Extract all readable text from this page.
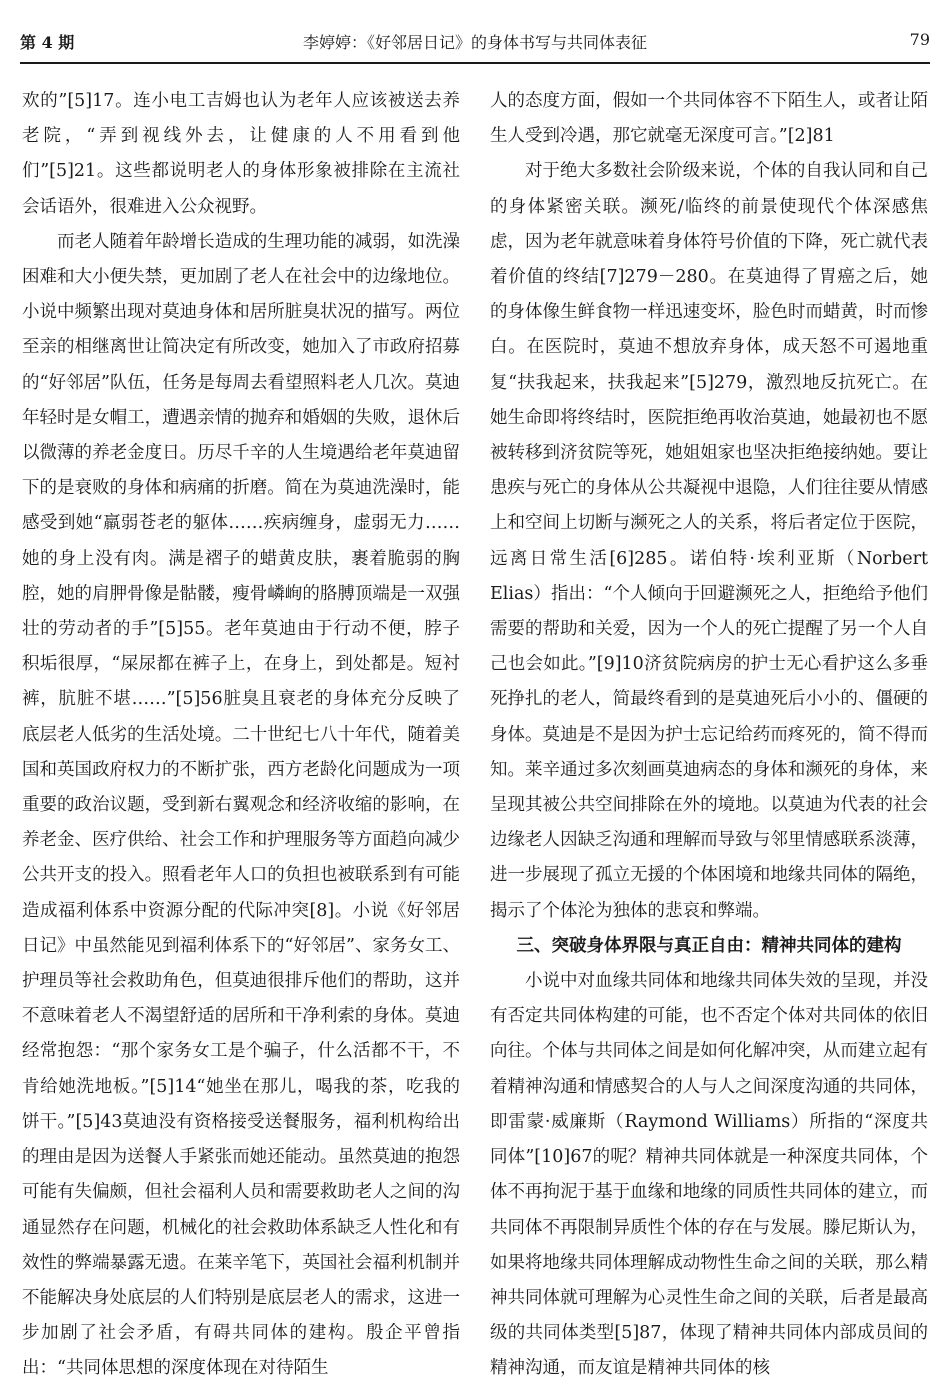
第 4 期	李婷婷：《好邻居日记》的身体书写与共同体表征	79

欢的”[5]17。连小电工吉姆也认为老年人应该被送去养老院，“弄到视线外去，让健康的人不用看到他们”[5]21。这些都说明老人的身体形象被排除在主流社会话语外，很难进入公众视野。

而老人随着年龄增长造成的生理功能的减弱，如洗澡困难和大小便失禁，更加剧了老人在社会中的边缘地位。小说中频繁出现对莫迪身体和居所脏臭状况的描写。两位至亲的相继离世让简决定有所改变，她加入了市政府招募的“好邻居”队伍，任务是每周去看望照料老人几次。莫迪年轻时是女帽工，遭遇亲情的抛弃和婚姻的失败，退休后以微薄的养老金度日。历尽千辛的人生境遇给老年莫迪留下的是衰败的身体和病痛的折磨。简在为莫迪洗澡时，能感受到她“羸弱苍老的躯体……疾病缠身，虚弱无力……她的身上没有肉。满是褶子的蜡黄皮肤，裹着脆弱的胸腔，她的肩胛骨像是骷髅，瘦骨嶙峋的胳膊顶端是一双强壮的劳动者的手”[5]55。老年莫迪由于行动不便，脖子积垢很厚，“屎尿都在裤子上，在身上，到处都是。短衬裤，肮脏不堪……”[5]56脏臭且衰老的身体充分反映了底层老人低劣的生活处境。二十世纪七八十年代，随着美国和英国政府权力的不断扩张，西方老龄化问题成为一项重要的政治议题，受到新右翼观念和经济收缩的影响，在养老金、医疗供给、社会工作和护理服务等方面趋向减少公共开支的投入。照看老年人口的负担也被联系到有可能造成福利体系中资源分配的代际冲突[8]。小说《好邻居日记》中虽然能见到福利体系下的“好邻居”、家务女工、护理员等社会救助角色，但莫迪很排斥他们的帮助，这并不意味着老人不渴望舒适的居所和干净利索的身体。莫迪经常抱怨：“那个家务女工是个骗子，什么活都不干，不肯给她洗地板。”[5]14“她坐在那儿，喝我的茶，吃我的饼干。”[5]43莫迪没有资格接受送餐服务，福利机构给出的理由是因为送餐人手紧张而她还能动。虽然莫迪的抱怨可能有失偏颇，但社会福利人员和需要救助老人之间的沟通显然存在问题，机械化的社会救助体系缺乏人性化和有效性的弊端暴露无遗。在莱辛笔下，英国社会福利机制并不能解决身处底层的人们特别是底层老人的需求，这进一步加剧了社会矛盾，有碍共同体的建构。殷企平曾指出：“共同体思想的深度体现在对待陌生

人的态度方面，假如一个共同体容不下陌生人，或者让陌生人受到冷遇，那它就毫无深度可言。”[2]81

对于绝大多数社会阶级来说，个体的自我认同和自己的身体紧密关联。濒死/临终的前景使现代个体深感焦虑，因为老年就意味着身体符号价值的下降，死亡就代表着价值的终结[7]279－280。在莫迪得了胃癌之后，她的身体像生鲜食物一样迅速变坏，脸色时而蜡黄，时而惨白。在医院时，莫迪不想放弃身体，成天怒不可遏地重复“扶我起来，扶我起来”[5]279，激烈地反抗死亡。在她生命即将终结时，医院拒绝再收治莫迪，她最初也不愿被转移到济贫院等死，她姐姐家也坚决拒绝接纳她。要让患疾与死亡的身体从公共凝视中退隐，人们往往要从情感上和空间上切断与濒死之人的关系，将后者定位于医院，远离日常生活[6]285。诺伯特·埃利亚斯（Norbert Elias）指出：“个人倾向于回避濒死之人，拒绝给予他们需要的帮助和关爱，因为一个人的死亡提醒了另一个人自己也会如此。”[9]10济贫院病房的护士无心看护这么多垂死挣扎的老人，简最终看到的是莫迪死后小小的、僵硬的身体。莫迪是不是因为护士忘记给药而疼死的，简不得而知。莱辛通过多次刻画莫迪病态的身体和濒死的身体，来呈现其被公共空间排除在外的境地。以莫迪为代表的社会边缘老人因缺乏沟通和理解而导致与邻里情感联系淡薄，进一步展现了孤立无援的个体困境和地缘共同体的隔绝，揭示了个体沦为独体的悲哀和弊端。

三、突破身体界限与真正自由：精神共同体的建构

小说中对血缘共同体和地缘共同体失效的呈现，并没有否定共同体构建的可能，也不否定个体对共同体的依旧向往。个体与共同体之间是如何化解冲突，从而建立起有着精神沟通和情感契合的人与人之间深度沟通的共同体，即雷蒙·威廉斯（Raymond Williams）所指的“深度共同体”[10]67的呢？精神共同体就是一种深度共同体，个体不再拘泥于基于血缘和地缘的同质性共同体的建立，而共同体不再限制异质性个体的存在与发展。滕尼斯认为，如果将地缘共同体理解成动物性生命之间的关联，那么精神共同体就可理解为心灵性生命之间的关联，后者是最高级的共同体类型[5]87，体现了精神共同体内部成员间的精神沟通，而友谊是精神共同体的核
